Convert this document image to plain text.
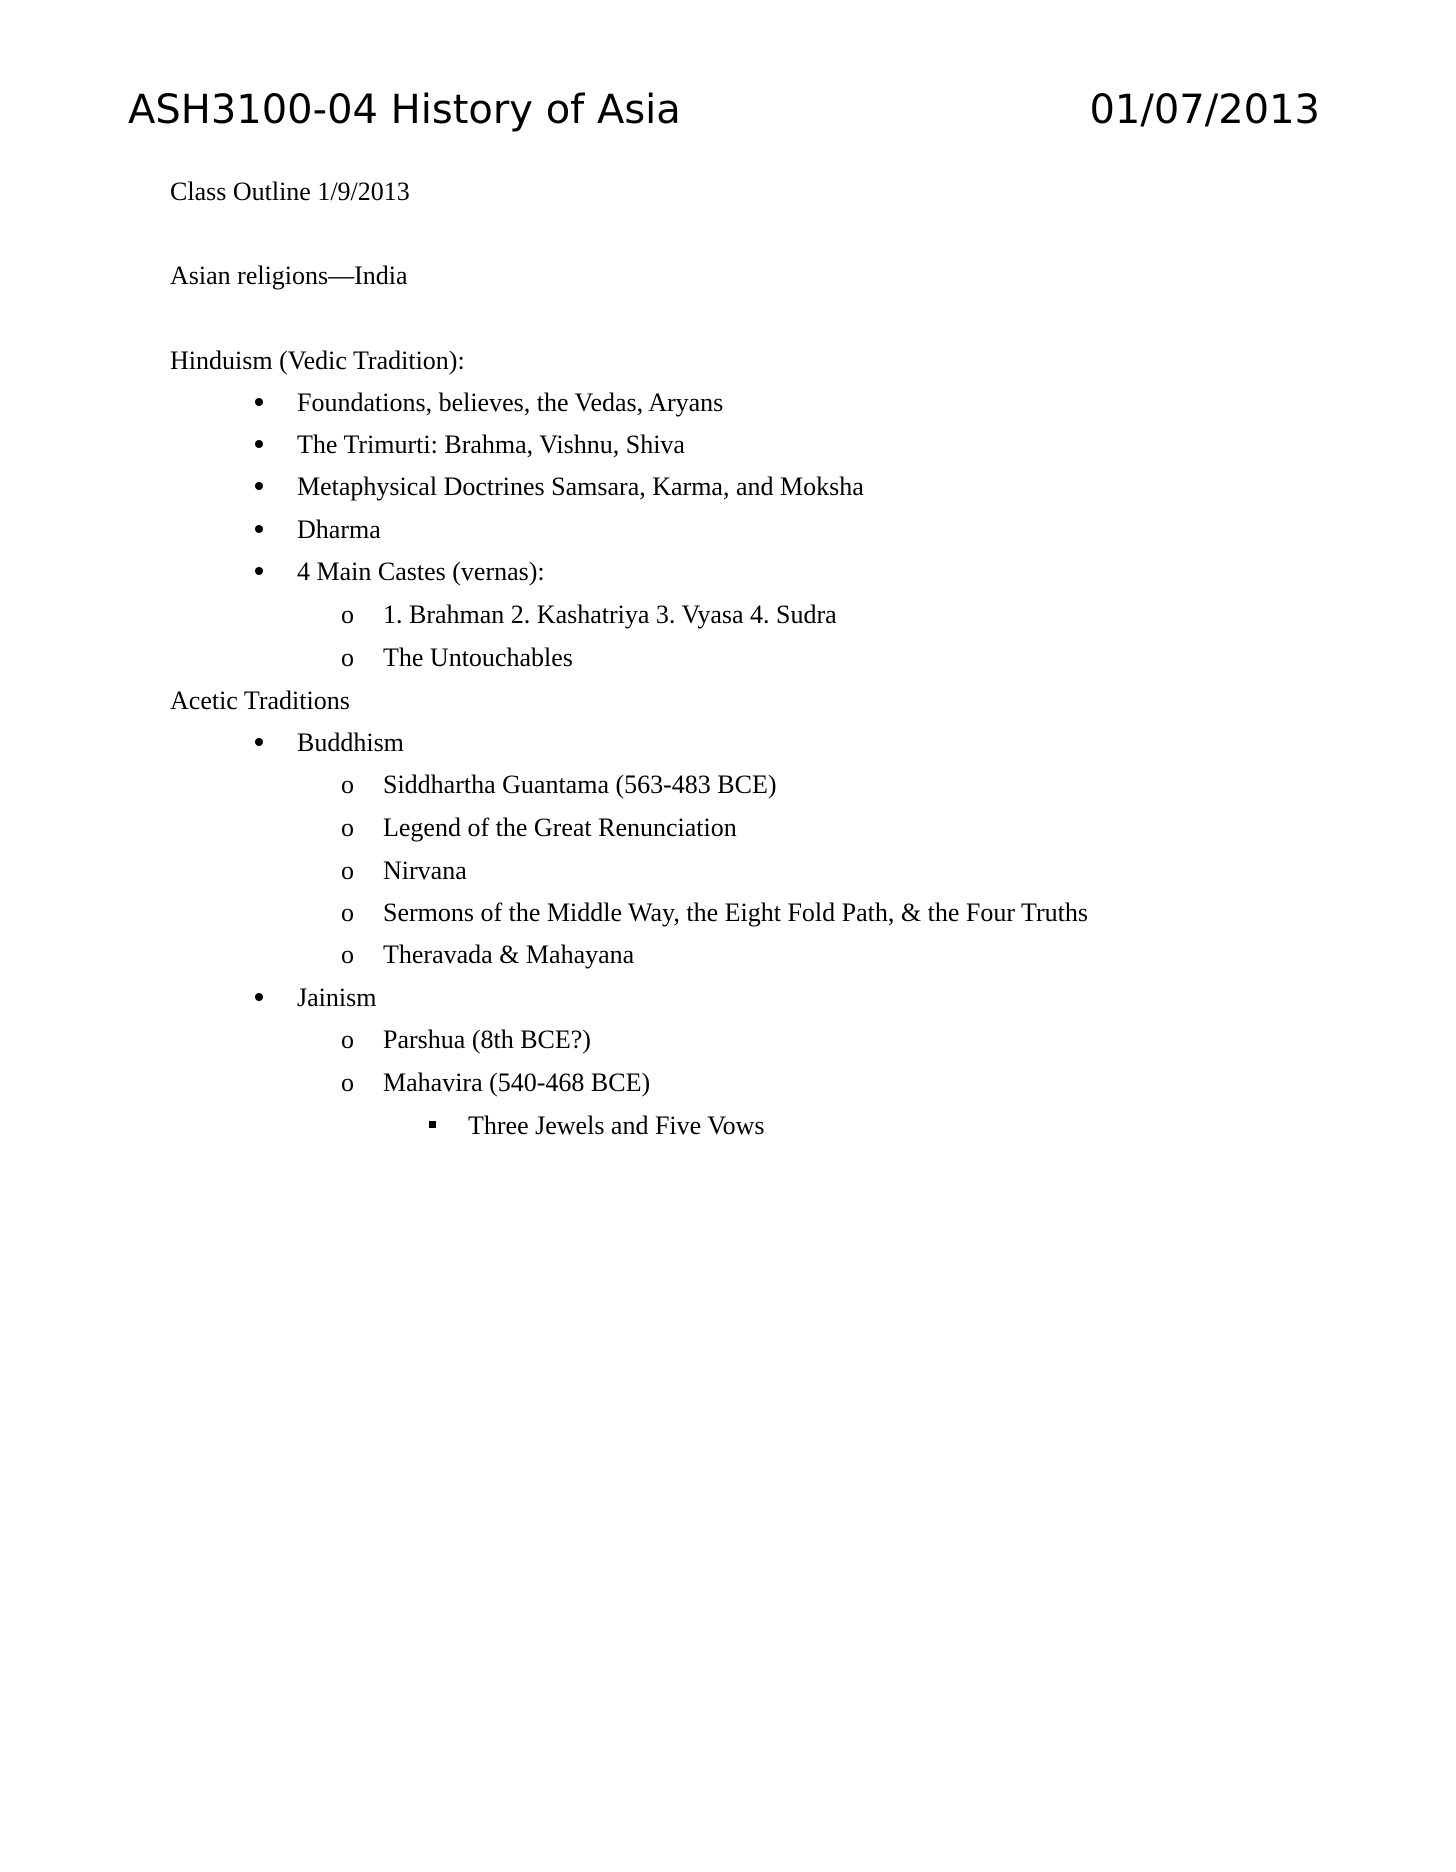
ASH3100-04 History of Asia	01/07/2013
Class Outline 1/9/2013
Asian religions—India
Hinduism (Vedic Tradition):
Foundations, believes, the Vedas, Aryans
The Trimurti: Brahma, Vishnu, Shiva
Metaphysical Doctrines Samsara, Karma, and Moksha
Dharma
4 Main Castes (vernas):
o 1. Brahman 2. Kashatriya 3. Vyasa 4. Sudra
o The Untouchables
Acetic Traditions
Buddhism
o Siddhartha Guantama (563-483 BCE)
o Legend of the Great Renunciation
o Nirvana
o Sermons of the Middle Way, the Eight Fold Path, & the Four Truths
o Theravada & Mahayana
Jainism
o Parshua (8th BCE?)
o Mahavira (540-468 BCE)
Three Jewels and Five Vows
